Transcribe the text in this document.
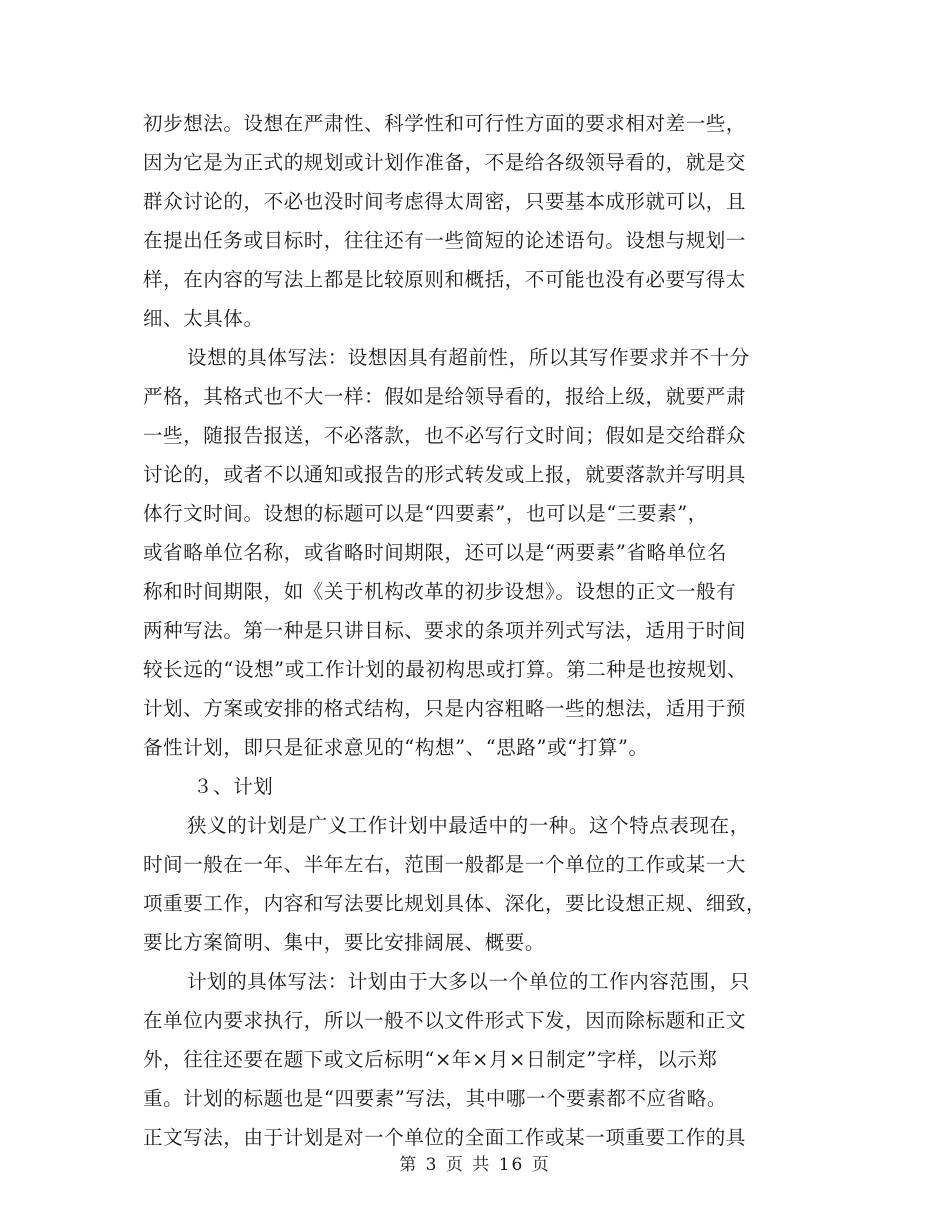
初步想法。设想在严肃性、科学性和可行性方面的要求相对差一些，
因为它是为正式的规划或计划作准备，不是给各级领导看的，就是交
群众讨论的，不必也没时间考虑得太周密，只要基本成形就可以，且
在提出任务或目标时，往往还有一些简短的论述语句。设想与规划一
样，在内容的写法上都是比较原则和概括，不可能也没有必要写得太
细、太具体。
设想的具体写法：设想因具有超前性，所以其写作要求并不十分
严格，其格式也不大一样：假如是给领导看的，报给上级，就要严肃
一些，随报告报送，不必落款，也不必写行文时间；假如是交给群众
讨论的，或者不以通知或报告的形式转发或上报，就要落款并写明具
体行文时间。设想的标题可以是“四要素”，也可以是“三要素”，
或省略单位名称，或省略时间期限，还可以是“两要素”省略单位名
称和时间期限，如《关于机构改革的初步设想》。设想的正文一般有
两种写法。第一种是只讲目标、要求的条项并列式写法，适用于时间
较长远的“设想”或工作计划的最初构思或打算。第二种是也按规划、
计划、方案或安排的格式结构，只是内容粗略一些的想法，适用于预
备性计划，即只是征求意见的“构想”、“思路”或“打算”。
３、计划
狭义的计划是广义工作计划中最适中的一种。这个特点表现在，
时间一般在一年、半年左右，范围一般都是一个单位的工作或某一大
项重要工作，内容和写法要比规划具体、深化，要比设想正规、细致，
要比方案简明、集中，要比安排阔展、概要。
计划的具体写法：计划由于大多以一个单位的工作内容范围，只
在单位内要求执行，所以一般不以文件形式下发，因而除标题和正文
外，往往还要在题下或文后标明“×年×月×日制定”字样，以示郑
重。计划的标题也是“四要素”写法，其中哪一个要素都不应省略。
正文写法，由于计划是对一个单位的全面工作或某一项重要工作的具
第 3 页 共 16 页
